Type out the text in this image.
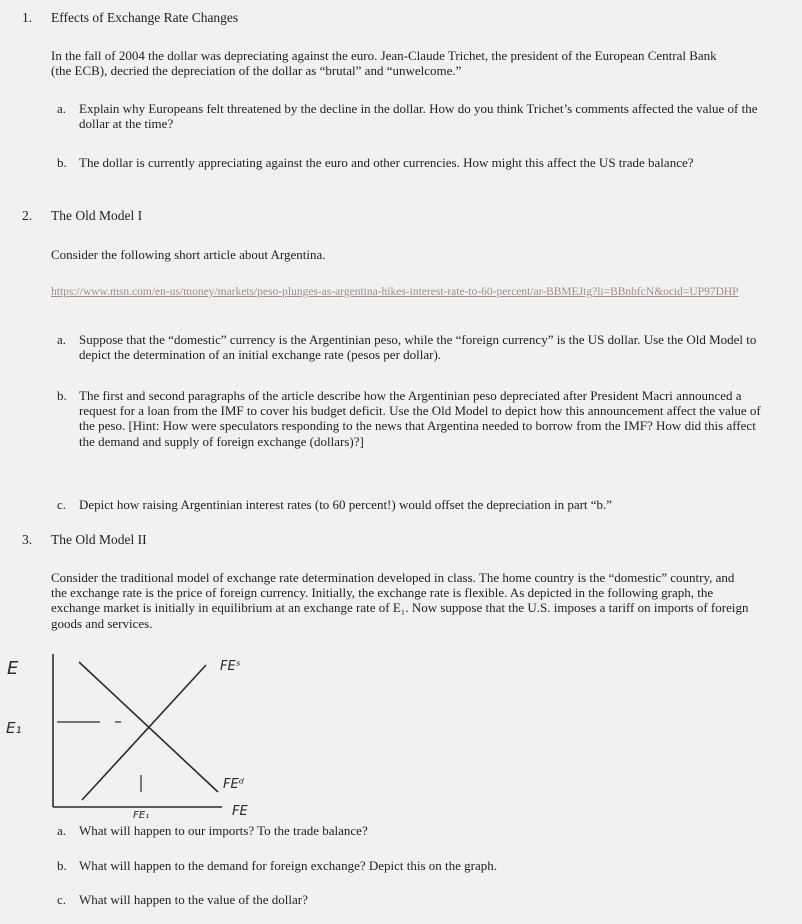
1. Effects of Exchange Rate Changes
In the fall of 2004 the dollar was depreciating against the euro. Jean-Claude Trichet, the president of the European Central Bank (the ECB), decried the depreciation of the dollar as “brutal” and “unwelcome.”
a. Explain why Europeans felt threatened by the decline in the dollar. How do you think Trichet’s comments affected the value of the dollar at the time?
b. The dollar is currently appreciating against the euro and other currencies. How might this affect the US trade balance?
2. The Old Model I
Consider the following short article about Argentina.
https://www.msn.com/en-us/money/markets/peso-plunges-as-argentina-hikes-interest-rate-to-60-percent/ar-BBMEJtg?li=BBnbfcN&ocid=UP97DHP
a. Suppose that the “domestic” currency is the Argentinian peso, while the “foreign currency” is the US dollar. Use the Old Model to depict the determination of an initial exchange rate (pesos per dollar).
b. The first and second paragraphs of the article describe how the Argentinian peso depreciated after President Macri announced a request for a loan from the IMF to cover his budget deficit. Use the Old Model to depict how this announcement affect the value of the peso. [Hint: How were speculators responding to the news that Argentina needed to borrow from the IMF? How did this affect the demand and supply of foreign exchange (dollars)?]
c. Depict how raising Argentinian interest rates (to 60 percent!) would offset the depreciation in part “b.”
3. The Old Model II
Consider the traditional model of exchange rate determination developed in class. The home country is the “domestic” country, and the exchange rate is the price of foreign currency. Initially, the exchange rate is flexible. As depicted in the following graph, the exchange market is initially in equilibrium at an exchange rate of E₁. Now suppose that the U.S. imposes a tariff on imports of foreign goods and services.
E
E₁
FEˢ
FEᵈ
FE
FE₁
a. What will happen to our imports? To the trade balance?
b. What will happen to the demand for foreign exchange? Depict this on the graph.
c. What will happen to the value of the dollar?
